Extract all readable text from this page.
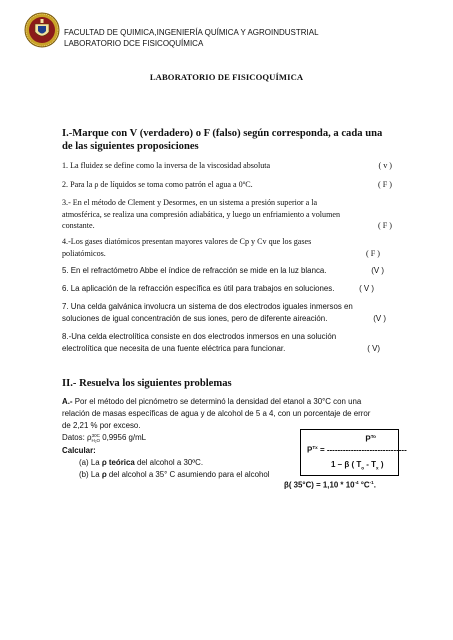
FACULTAD DE QUIMICA,INGENIERÍA QUÍMICA Y AGROINDUSTRIAL
LABORATORIO DCE FISICOQUÍMICA
LABORATORIO DE FISICOQUÍMICA
I.-Marque con V (verdadero) o F (falso) según corresponda, a cada una
de las siguientes proposiciones
1. La fluidez se define como la inversa de la viscosidad absoluta	( v )
2. Para la ρ de líquidos se toma como patrón el agua a 0ºC.	( F )
3.- En el método de Clement y Desormes, en un sistema a presión superior a la
atmosférica, se realiza una compresión adiabática, y luego un enfriamiento a volumen
constante.	( F )
4.-Los gases diatómicos presentan mayores valores de Cp y Cv que los gases
poliatómicos.	( F )
5. En el refractómetro Abbe el índice de refracción se mide en la luz blanca.	(V )
6. La aplicación de la refracción específica es útil para trabajos en soluciones.	( V )
7. Una celda galvánica involucra un sistema de dos electrodos iguales inmersos en
soluciones de igual concentración de sus iones, pero de diferente aireación.	(V )
8.-Una celda electrolítica consiste en dos electrodos inmersos en una solución
electrolítica que necesita de una fuente eléctrica para funcionar.	( V)
II.- Resuelva los siguientes problemas
A.- Por el método del picnómetro se determinó la densidad del etanol a 30°C con una
relación de masas específicas de agua y de alcohol de 5 a 4, con un porcentaje de error
de 2,21 % por exceso.
Datos: ρ 30C
H₂O 0,9956 g/mL
Calcular:
(a) La ρ teórica del alcohol a 30ºC.
(b) La ρ del alcohol a 35° C asumiendo para el alcohol
$P^{To}$
$P^{Tx}$ = ------------------------------
1 – β ( $T_o - T_x$ )
β( $35^\circ C) = 1,10 * 10^{-4}$ $^\circ C^{-1}$.
